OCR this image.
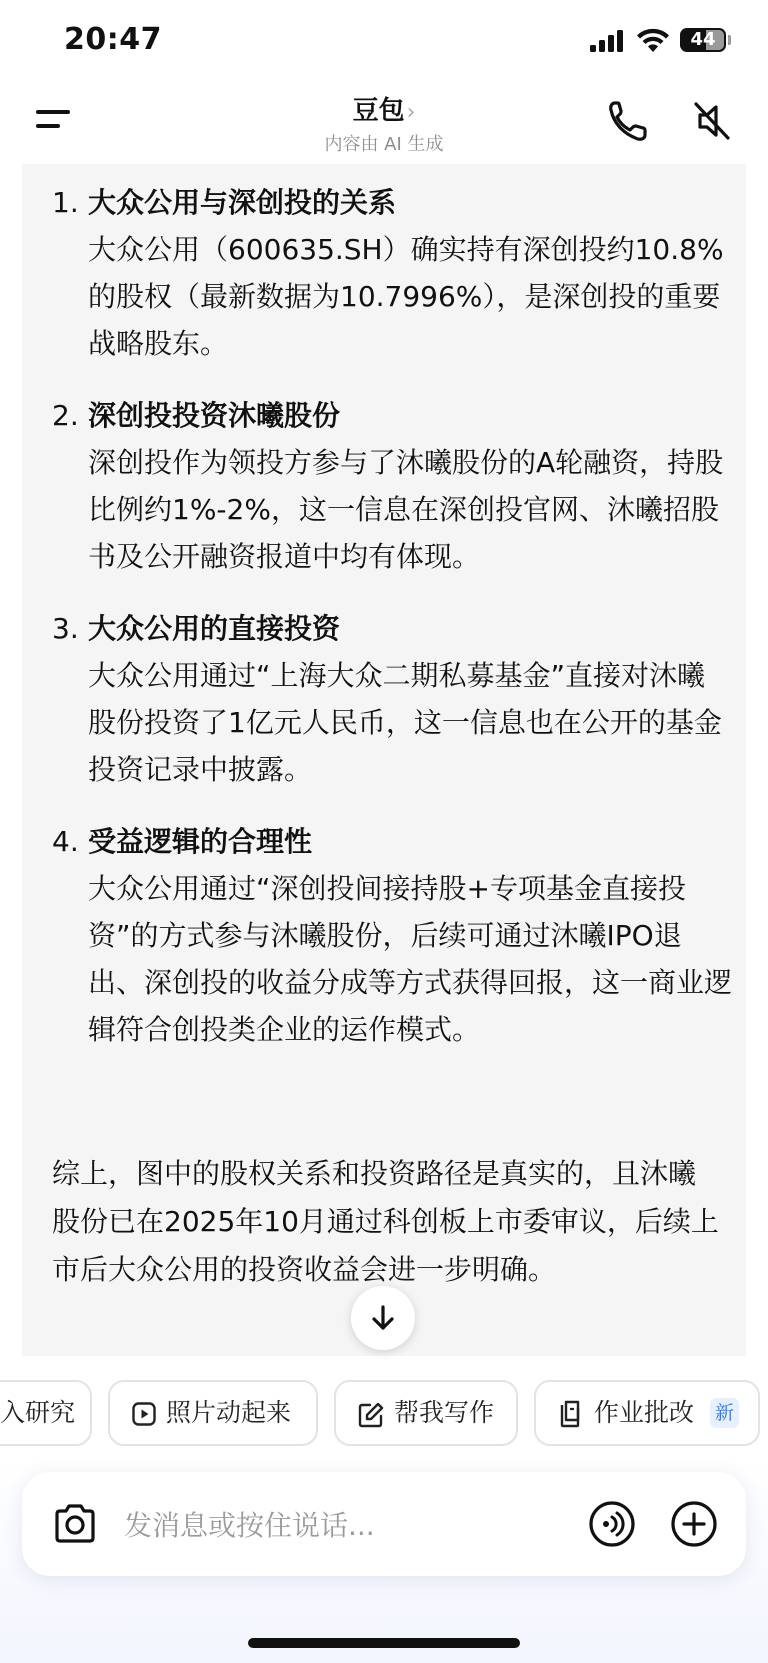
20:47	44
豆包›
内容由 AI 生成
1. 大众公用与深创投的关系
大众公用（600635.SH）确实持有深创投约10.8%的股权（最新数据为10.7996%），是深创投的重要战略股东。
2. 深创投投资沐曦股份
深创投作为领投方参与了沐曦股份的A轮融资，持股比例约1%-2%，这一信息在深创投官网、沐曦招股书及公开融资报道中均有体现。
3. 大众公用的直接投资
大众公用通过“上海大众二期私募基金”直接对沐曦股份投资了1亿元人民币，这一信息也在公开的基金投资记录中披露。
4. 受益逻辑的合理性
大众公用通过“深创投间接持股+专项基金直接投资”的方式参与沐曦股份，后续可通过沐曦IPO退出、深创投的收益分成等方式获得回报，这一商业逻辑符合创投类企业的运作模式。
综上，图中的股权关系和投资路径是真实的，且沐曦股份已在2025年10月通过科创板上市委审议，后续上市后大众公用的投资收益会进一步明确。
入研究	照片动起来	帮我写作	作业批改 新
发消息或按住说话...
